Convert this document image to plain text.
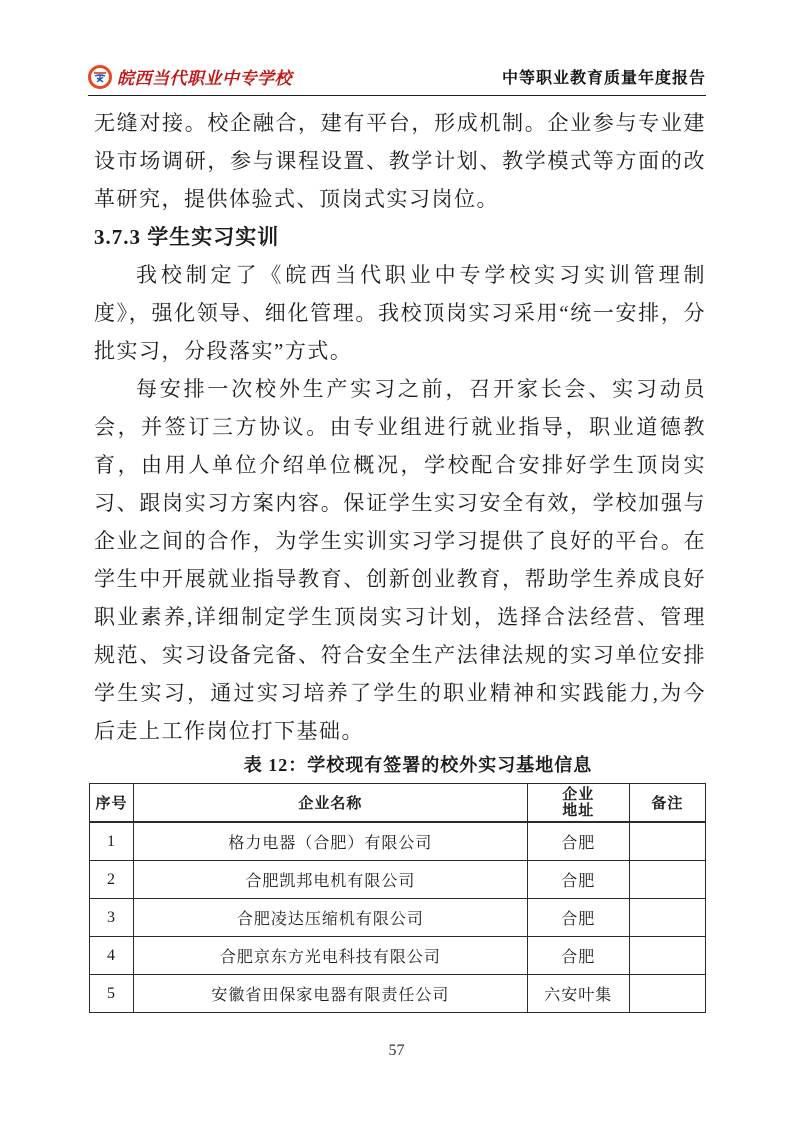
皖西当代职业中专学校	中等职业教育质量年度报告

无缝对接。校企融合，建有平台，形成机制。企业参与专业建设市场调研，参与课程设置、教学计划、教学模式等方面的改革研究，提供体验式、顶岗式实习岗位。

3.7.3 学生实习实训

我校制定了《皖西当代职业中专学校实习实训管理制度》，强化领导、细化管理。我校顶岗实习采用“统一安排，分批实习，分段落实”方式。

每安排一次校外生产实习之前，召开家长会、实习动员会，并签订三方协议。由专业组进行就业指导，职业道德教育，由用人单位介绍单位概况，学校配合安排好学生顶岗实习、跟岗实习方案内容。保证学生实习安全有效，学校加强与企业之间的合作，为学生实训实习学习提供了良好的平台。在学生中开展就业指导教育、创新创业教育，帮助学生养成良好职业素养,详细制定学生顶岗实习计划，选择合法经营、管理规范、实习设备完备、符合安全生产法律法规的实习单位安排学生实习，通过实习培养了学生的职业精神和实践能力,为今后走上工作岗位打下基础。

表 12：学校现有签署的校外实习基地信息
序号	企业名称	企业地址	备注
1	格力电器（合肥）有限公司	合肥	
2	合肥凯邦电机有限公司	合肥	
3	合肥凌达压缩机有限公司	合肥	
4	合肥京东方光电科技有限公司	合肥	
5	安徽省田保家电器有限责任公司	六安叶集	
57
